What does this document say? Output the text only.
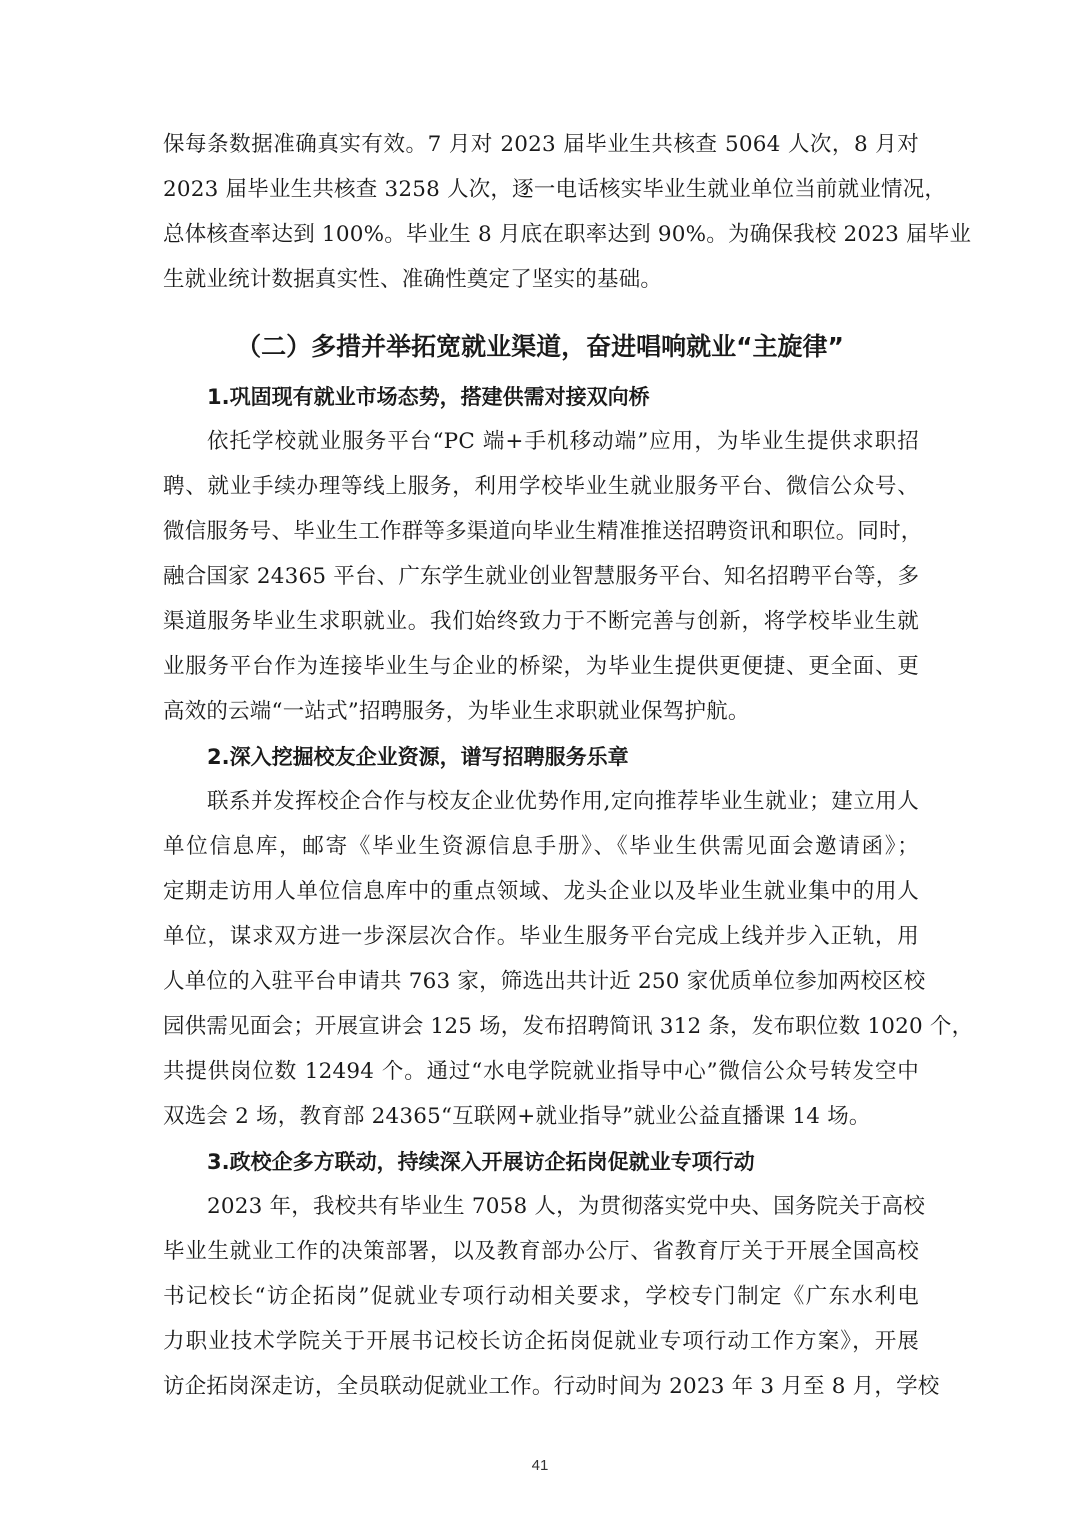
保每条数据准确真实有效。7 月对 2023 届毕业生共核查 5064 人次，8 月对
2023 届毕业生共核查 3258 人次，逐一电话核实毕业生就业单位当前就业情况，
总体核查率达到 100%。毕业生 8 月底在职率达到 90%。为确保我校 2023 届毕业
生就业统计数据真实性、准确性奠定了坚实的基础。
（二）多措并举拓宽就业渠道，奋进唱响就业“主旋律”
1.巩固现有就业市场态势，搭建供需对接双向桥
依托学校就业服务平台“PC 端+手机移动端”应用，为毕业生提供求职招
聘、就业手续办理等线上服务，利用学校毕业生就业服务平台、微信公众号、
微信服务号、毕业生工作群等多渠道向毕业生精准推送招聘资讯和职位。同时，
融合国家 24365 平台、广东学生就业创业智慧服务平台、知名招聘平台等，多
渠道服务毕业生求职就业。我们始终致力于不断完善与创新，将学校毕业生就
业服务平台作为连接毕业生与企业的桥梁，为毕业生提供更便捷、更全面、更
高效的云端“一站式”招聘服务，为毕业生求职就业保驾护航。
2.深入挖掘校友企业资源，谱写招聘服务乐章
联系并发挥校企合作与校友企业优势作用,定向推荐毕业生就业；建立用人
单位信息库，邮寄《毕业生资源信息手册》、《毕业生供需见面会邀请函》；
定期走访用人单位信息库中的重点领域、龙头企业以及毕业生就业集中的用人
单位，谋求双方进一步深层次合作。毕业生服务平台完成上线并步入正轨，用
人单位的入驻平台申请共 763 家，筛选出共计近 250 家优质单位参加两校区校
园供需见面会；开展宣讲会 125 场，发布招聘简讯 312 条，发布职位数 1020 个，
共提供岗位数 12494 个。通过“水电学院就业指导中心”微信公众号转发空中
双选会 2 场，教育部 24365“互联网+就业指导”就业公益直播课 14 场。
3.政校企多方联动，持续深入开展访企拓岗促就业专项行动
2023 年，我校共有毕业生 7058 人，为贯彻落实党中央、国务院关于高校
毕业生就业工作的决策部署，以及教育部办公厅、省教育厅关于开展全国高校
书记校长“访企拓岗”促就业专项行动相关要求，学校专门制定《广东水利电
力职业技术学院关于开展书记校长访企拓岗促就业专项行动工作方案》，开展
访企拓岗深走访，全员联动促就业工作。行动时间为 2023 年 3 月至 8 月，学校
41
